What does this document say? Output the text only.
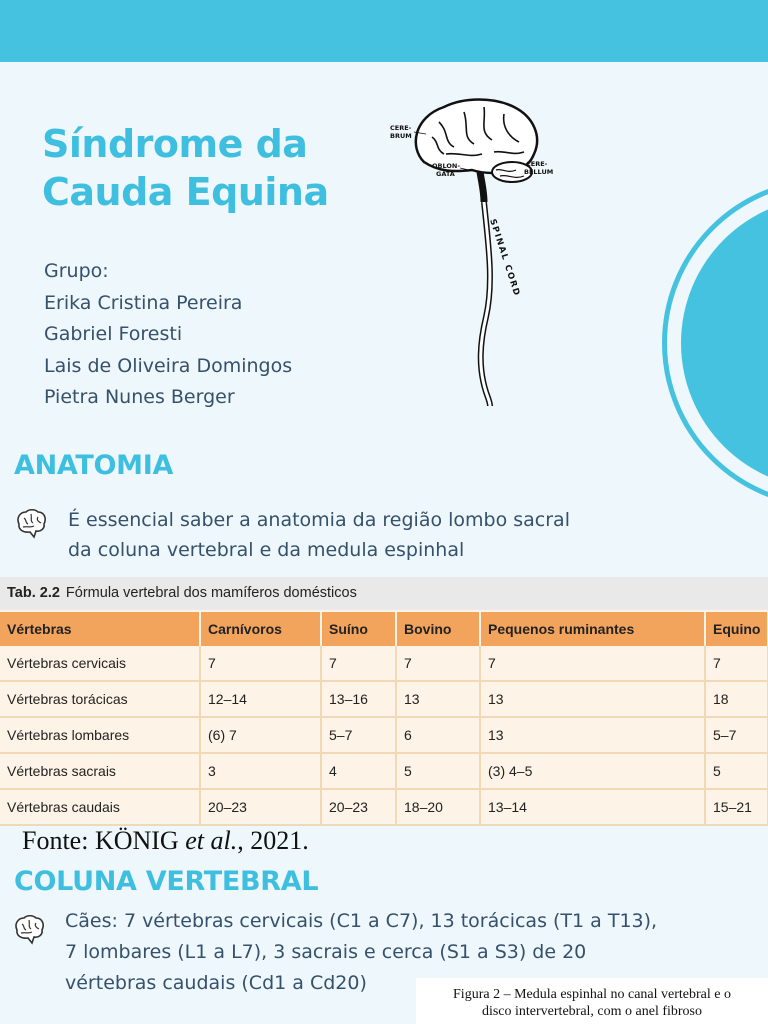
Síndrome da
Cauda Equina
Grupo:
Erika Cristina Pereira
Gabriel Foresti
Lais de Oliveira Domingos
Pietra Nunes Berger
CERE-
BRUM
OBLON-
GATA
CERE-
BELLUM
SPINAL CORD
ANATOMIA
É essencial saber a anatomia da região lombo sacral
da coluna vertebral e da medula espinhal
Tab. 2.2 Fórmula vertebral dos mamíferos domésticos
Vértebras	Carnívoros	Suíno	Bovino	Pequenos ruminantes	Equino
Vértebras cervicais	7	7	7	7	7
Vértebras torácicas	12–14	13–16	13	13	18
Vértebras lombares	(6) 7	5–7	6	13	5–7
Vértebras sacrais	3	4	5	(3) 4–5	5
Vértebras caudais	20–23	20–23	18–20	13–14	15–21
Fonte: KÖNIG et al., 2021.
COLUNA VERTEBRAL
Cães: 7 vértebras cervicais (C1 a C7), 13 torácicas (T1 a T13),
7 lombares (L1 a L7), 3 sacrais e cerca (S1 a S3) de 20
vértebras caudais (Cd1 a Cd20)
Figura 2 – Medula espinhal no canal vertebral e o
disco intervertebral, com o anel fibroso
